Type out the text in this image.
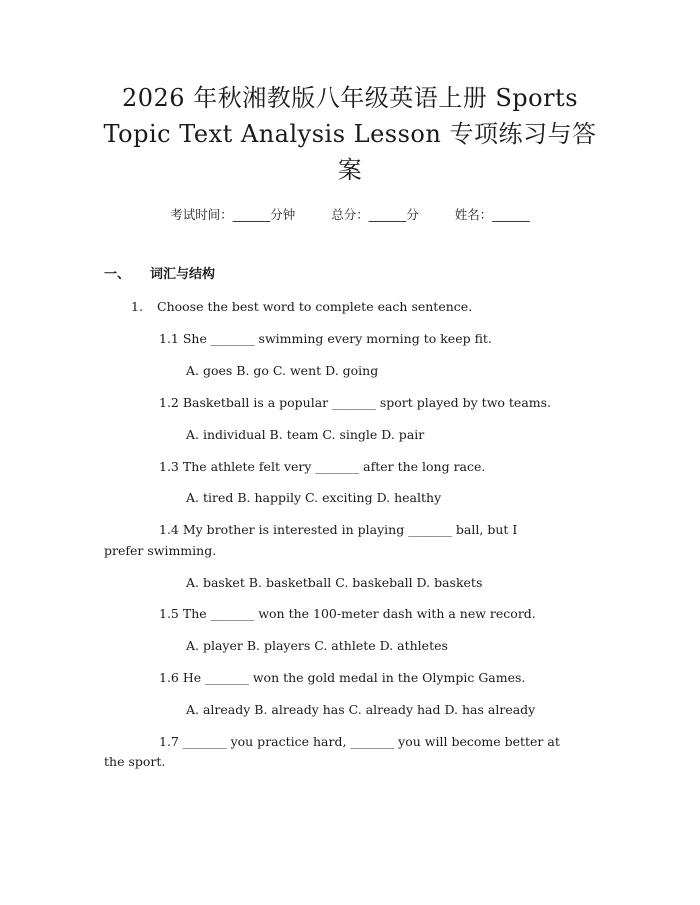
2026 年秋湘教版八年级英语上册 Sports
Topic Text Analysis Lesson 专项练习与答
案
考试时间：______分钟	总分：______分	姓名：______
一、 词汇与结构
1. Choose the best word to complete each sentence.
1.1 She _______ swimming every morning to keep fit.
A. goes B. go C. went D. going
1.2 Basketball is a popular _______ sport played by two teams.
A. individual B. team C. single D. pair
1.3 The athlete felt very _______ after the long race.
A. tired B. happily C. exciting D. healthy
1.4 My brother is interested in playing _______ ball, but I
prefer swimming.
A. basket B. basketball C. baskeball D. baskets
1.5 The _______ won the 100-meter dash with a new record.
A. player B. players C. athlete D. athletes
1.6 He _______ won the gold medal in the Olympic Games.
A. already B. already has C. already had D. has already
1.7 _______ you practice hard, _______ you will become better at
the sport.
